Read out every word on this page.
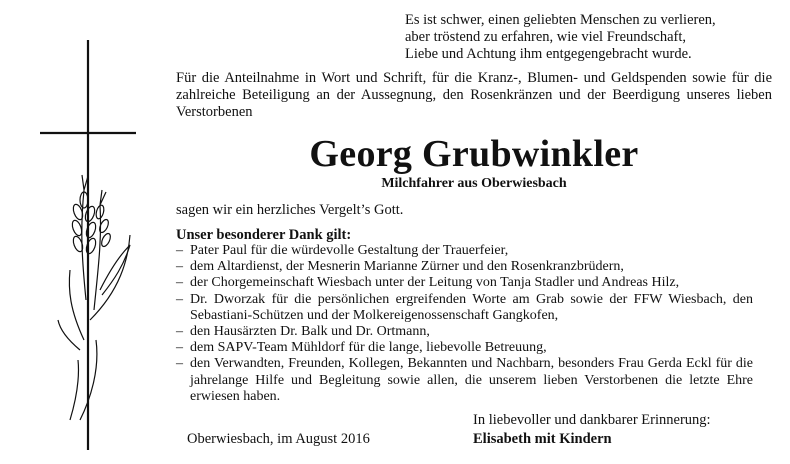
Es ist schwer, einen geliebten Menschen zu verlieren,
aber tröstend zu erfahren, wie viel Freundschaft,
Liebe und Achtung ihm entgegengebracht wurde.
Für die Anteilnahme in Wort und Schrift, für die Kranz-, Blumen- und Geldspenden sowie für die zahlreiche Beteiligung an der Aussegnung, den Rosenkränzen und der Beerdigung unseres lieben Verstorbenen
Georg Grubwinkler
Milchfahrer aus Oberwiesbach
sagen wir ein herzliches Vergelt’s Gott.
Unser besonderer Dank gilt:
– Pater Paul für die würdevolle Gestaltung der Trauerfeier,
– dem Altardienst, der Mesnerin Marianne Zürner und den Rosenkranzbrüdern,
– der Chorgemeinschaft Wiesbach unter der Leitung von Tanja Stadler und Andreas Hilz,
– Dr. Dworzak für die persönlichen ergreifenden Worte am Grab sowie der FFW Wiesbach, den Sebastiani-Schützen und der Molkereigenossenschaft Gangkofen,
– den Hausärzten Dr. Balk und Dr. Ortmann,
– dem SAPV-Team Mühldorf für die lange, liebevolle Betreuung,
– den Verwandten, Freunden, Kollegen, Bekannten und Nachbarn, besonders Frau Gerda Eckl für die jahrelange Hilfe und Begleitung sowie allen, die unserem lieben Verstorbenen die letzte Ehre erwiesen haben.
In liebevoller und dankbarer Erinnerung:
Oberwiesbach, im August 2016	Elisabeth mit Kindern
